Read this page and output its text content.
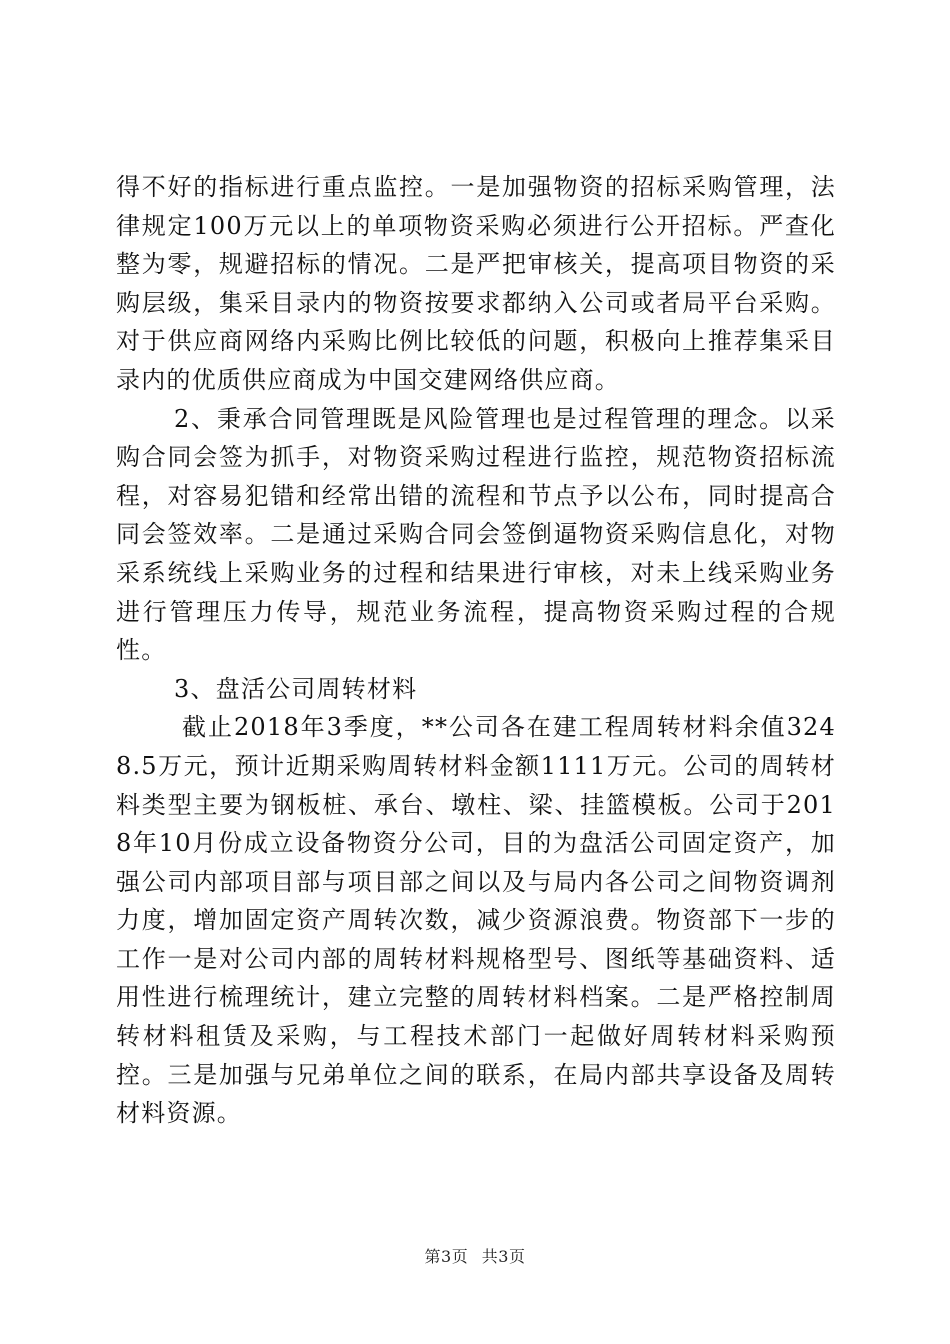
得不好的指标进行重点监控。一是加强物资的招标采购管理，法律规定100万元以上的单项物资采购必须进行公开招标。严查化整为零，规避招标的情况。二是严把审核关，提高项目物资的采购层级，集采目录内的物资按要求都纳入公司或者局平台采购。对于供应商网络内采购比例比较低的问题，积极向上推荐集采目录内的优质供应商成为中国交建网络供应商。

2、秉承合同管理既是风险管理也是过程管理的理念。以采购合同会签为抓手，对物资采购过程进行监控，规范物资招标流程，对容易犯错和经常出错的流程和节点予以公布，同时提高合同会签效率。二是通过采购合同会签倒逼物资采购信息化，对物采系统线上采购业务的过程和结果进行审核，对未上线采购业务进行管理压力传导，规范业务流程，提高物资采购过程的合规性。

3、盘活公司周转材料

截止2018年3季度，**公司各在建工程周转材料余值3248.5万元，预计近期采购周转材料金额1111万元。公司的周转材料类型主要为钢板桩、承台、墩柱、梁、挂篮模板。公司于2018年10月份成立设备物资分公司，目的为盘活公司固定资产，加强公司内部项目部与项目部之间以及与局内各公司之间物资调剂力度，增加固定资产周转次数，减少资源浪费。物资部下一步的工作一是对公司内部的周转材料规格型号、图纸等基础资料、适用性进行梳理统计，建立完整的周转材料档案。二是严格控制周转材料租赁及采购，与工程技术部门一起做好周转材料采购预控。三是加强与兄弟单位之间的联系，在局内部共享设备及周转材料资源。

第3页 共3页
